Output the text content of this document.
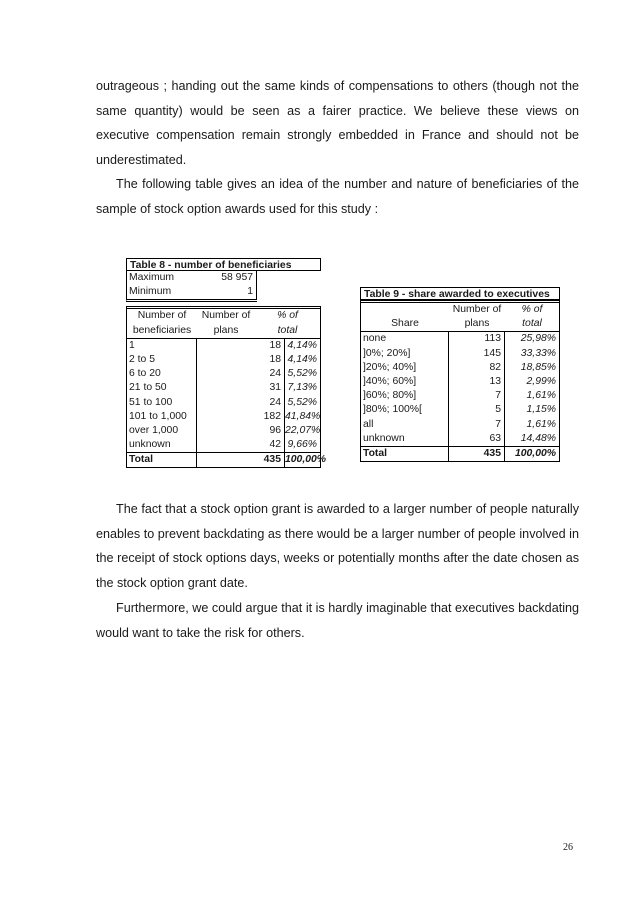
outrageous ; handing out the same kinds of compensations to others (though not the same quantity) would be seen as a fairer practice. We believe these views on executive compensation remain strongly embedded in France and should not be underestimated.

The following table gives an idea of the number and nature of beneficiaries of the sample of stock option awards used for this study :

Table 8 - number of beneficiaries
Maximum	58 957
Minimum	1
Number of	Number of	% of
beneficiaries	plans	total
1	18 4,14%
2 to 5	18 4,14%
6 to 20	24 5,52%
21 to 50	31 7,13%
51 to 100	24 5,52%
101 to 1,000	182 41,84%
over 1,000	96 22,07%
unknown	42 9,66%
Total	435 100,00%
Table 9 - share awarded to executives
Number of	% of
Share	plans	total
none	113	25,98%
]0%; 20%]	145	33,33%
]20%; 40%]	82	18,85%
]40%; 60%]	13	2,99%
]60%; 80%]	7	1,61%
]80%; 100%[	5	1,15%
all	7	1,61%
unknown	63	14,48%
Total	435	100,00%

The fact that a stock option grant is awarded to a larger number of people naturally enables to prevent backdating as there would be a larger number of people involved in the receipt of stock options days, weeks or potentially months after the date chosen as the stock option grant date.

Furthermore, we could argue that it is hardly imaginable that executives backdating would want to take the risk for others.

26
